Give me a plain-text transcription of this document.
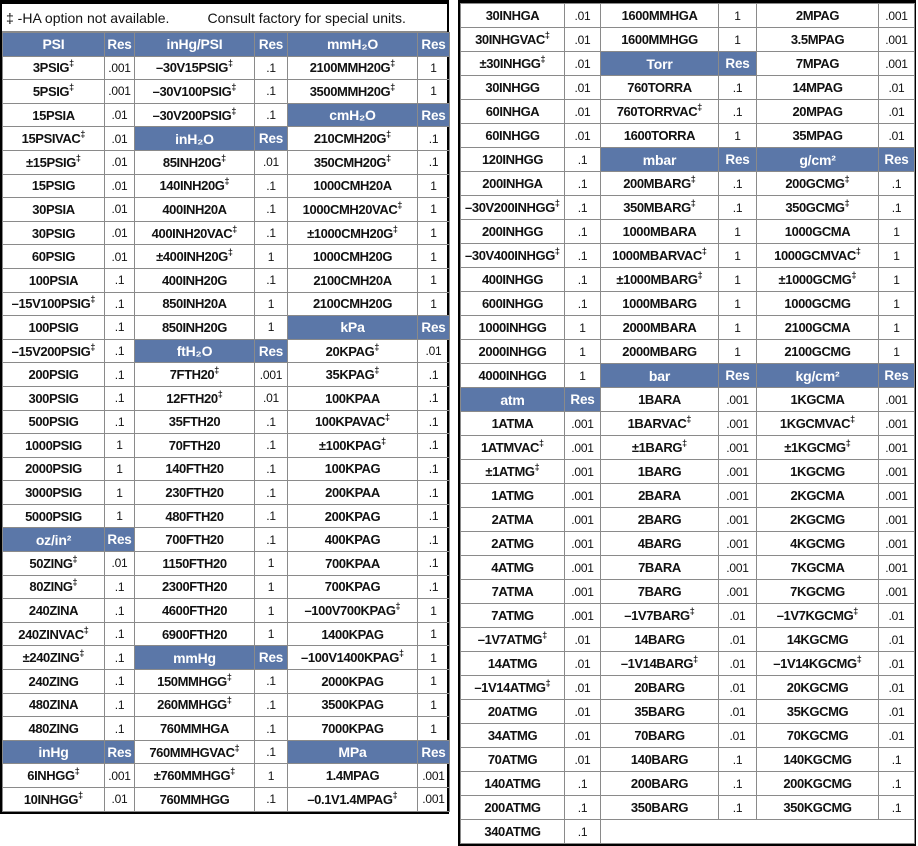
‡ -HA option not available.	Consult factory for special units.
PSI	Res	inHg/PSI	Res	mmH₂O	Res
3PSIG‡	.001	–30V15PSIG‡	.1	2100MMH20G‡	1
5PSIG‡	.001	–30V100PSIG‡	.1	3500MMH20G‡	1
15PSIA	.01	–30V200PSIG‡	.1	cmH₂O	Res
15PSIVAC‡	.01	inH₂O	Res	210CMH20G‡	.1
±15PSIG‡	.01	85INH20G‡	.01	350CMH20G‡	.1
15PSIG	.01	140INH20G‡	.1	1000CMH20A	1
30PSIA	.01	400INH20A	.1	1000CMH20VAC‡	1
30PSIG	.01	400INH20VAC‡	.1	±1000CMH20G‡	1
60PSIG	.01	±400INH20G‡	1	1000CMH20G	1
100PSIA	.1	400INH20G	.1	2100CMH20A	1
–15V100PSIG‡	.1	850INH20A	1	2100CMH20G	1
100PSIG	.1	850INH20G	1	kPa	Res
–15V200PSIG‡	.1	ftH₂O	Res	20KPAG‡	.01
200PSIG	.1	7FTH20‡	.001	35KPAG‡	.1
300PSIG	.1	12FTH20‡	.01	100KPAA	.1
500PSIG	.1	35FTH20	.1	100KPAVAC‡	.1
1000PSIG	1	70FTH20	.1	±100KPAG‡	.1
2000PSIG	1	140FTH20	.1	100KPAG	.1
3000PSIG	1	230FTH20	.1	200KPAA	.1
5000PSIG	1	480FTH20	.1	200KPAG	.1
oz/in²	Res	700FTH20	.1	400KPAG	.1
50ZING‡	.01	1150FTH20	1	700KPAA	.1
80ZING‡	.1	2300FTH20	1	700KPAG	.1
240ZINA	.1	4600FTH20	1	–100V700KPAG‡	1
240ZINVAC‡	.1	6900FTH20	1	1400KPAG	1
±240ZING‡	.1	mmHg	Res	–100V1400KPAG‡	1
240ZING	.1	150MMHGG‡	.1	2000KPAG	1
480ZINA	.1	260MMHGG‡	.1	3500KPAG	1
480ZING	.1	760MMHGA	.1	7000KPAG	1
inHg	Res	760MMHGVAC‡	.1	MPa	Res
6INHGG‡	.001	±760MMHGG‡	1	1.4MPAG	.001
10INHGG‡	.01	760MMHGG	.1	–0.1V1.4MPAG‡	.001
30INHGA	.01	1600MMHGA	1	2MPAG	.001
30INHGVAC‡	.01	1600MMHGG	1	3.5MPAG	.001
±30INHGG‡	.01	Torr	Res	7MPAG	.001
30INHGG	.01	760TORRA	.1	14MPAG	.01
60INHGA	.01	760TORRVAC‡	.1	20MPAG	.01
60INHGG	.01	1600TORRA	1	35MPAG	.01
120INHGG	.1	mbar	Res	g/cm²	Res
200INHGA	.1	200MBARG‡	.1	200GCMG‡	.1
–30V200INHGG‡	.1	350MBARG‡	.1	350GCMG‡	.1
200INHGG	.1	1000MBARA	1	1000GCMA	1
–30V400INHGG‡	.1	1000MBARVAC‡	1	1000GCMVAC‡	1
400INHGG	.1	±1000MBARG‡	1	±1000GCMG‡	1
600INHGG	.1	1000MBARG	1	1000GCMG	1
1000INHGG	1	2000MBARA	1	2100GCMA	1
2000INHGG	1	2000MBARG	1	2100GCMG	1
4000INHGG	1	bar	Res	kg/cm²	Res
atm	Res	1BARA	.001	1KGCMA	.001
1ATMA	.001	1BARVAC‡	.001	1KGCMVAC‡	.001
1ATMVAC‡	.001	±1BARG‡	.001	±1KGCMG‡	.001
±1ATMG‡	.001	1BARG	.001	1KGCMG	.001
1ATMG	.001	2BARA	.001	2KGCMA	.001
2ATMA	.001	2BARG	.001	2KGCMG	.001
2ATMG	.001	4BARG	.001	4KGCMG	.001
4ATMG	.001	7BARA	.001	7KGCMA	.001
7ATMA	.001	7BARG	.001	7KGCMG	.001
7ATMG	.001	–1V7BARG‡	.01	–1V7KGCMG‡	.01
–1V7ATMG‡	.01	14BARG	.01	14KGCMG	.01
14ATMG	.01	–1V14BARG‡	.01	–1V14KGCMG‡	.01
–1V14ATMG‡	.01	20BARG	.01	20KGCMG	.01
20ATMG	.01	35BARG	.01	35KGCMG	.01
34ATMG	.01	70BARG	.01	70KGCMG	.01
70ATMG	.01	140BARG	.1	140KGCMG	.1
140ATMG	.1	200BARG	.1	200KGCMG	.1
200ATMG	.1	350BARG	.1	350KGCMG	.1
340ATMG	.1				
